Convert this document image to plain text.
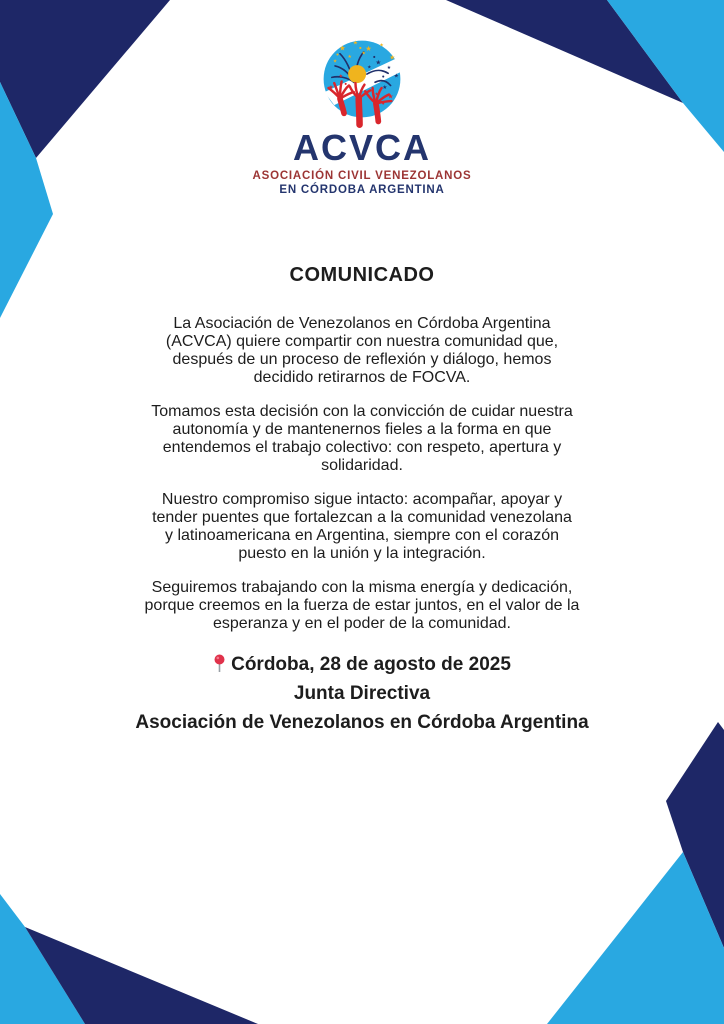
★ ★
★ ★
★
★
★	★
★
★
★
★
★
★
★
★
★
ACVCA
ASOCIACIÓN CIVIL VENEZOLANOS
EN CÓRDOBA ARGENTINA
COMUNICADO

La Asociación de Venezolanos en Córdoba Argentina
(ACVCA) quiere compartir con nuestra comunidad que,
después de un proceso de reflexión y diálogo, hemos
decidido retirarnos de FOCVA.

Tomamos esta decisión con la convicción de cuidar nuestra
autonomía y de mantenernos fieles a la forma en que
entendemos el trabajo colectivo: con respeto, apertura y
solidaridad.

Nuestro compromiso sigue intacto: acompañar, apoyar y
tender puentes que fortalezcan a la comunidad venezolana
y latinoamericana en Argentina, siempre con el corazón
puesto en la unión y la integración.

Seguiremos trabajando con la misma energía y dedicación,
porque creemos en la fuerza de estar juntos, en el valor de la
esperanza y en el poder de la comunidad.

Córdoba, 28 de agosto de 2025
Junta Directiva
Asociación de Venezolanos en Córdoba Argentina
